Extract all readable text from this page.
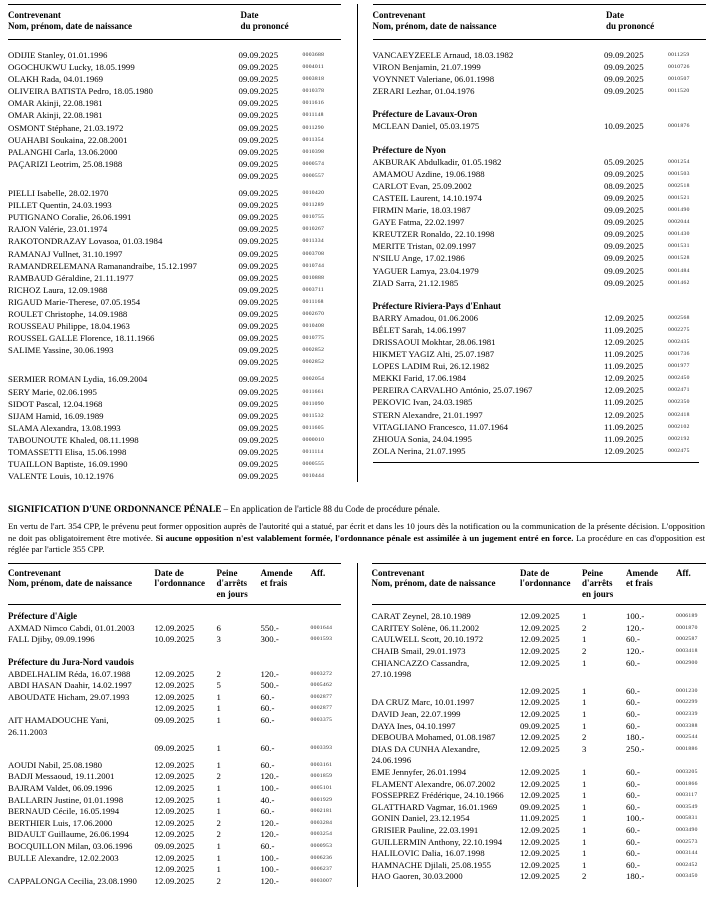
Contrevenant
Nom, prénom, date de naissance
Date
du prononcé
ODIJIE Stanley, 01.01.1996	09.09.2025	0003688
OGOCHUKWU Lucky, 18.05.1999	09.09.2025	0004011
OLAKH Rada, 04.01.1969	09.09.2025	0003818
OLIVEIRA BATISTA Pedro, 18.05.1980	09.09.2025	0010378
OMAR Akinji, 22.08.1981	09.09.2025	0011616
OMAR Akinji, 22.08.1981	09.09.2025	0011148
OSMONT Stéphane, 21.03.1972	09.09.2025	0011290
OUAHABI Soukaina, 22.08.2001	09.09.2025	0011354
PALANGHI Carla, 13.06.2000	09.09.2025	0010398
PAÇARIZI Leotrim, 25.08.1988	09.09.2025	0000574
09.09.2025	0000557
PIELLI Isabelle, 28.02.1970	09.09.2025	0010420
PILLET Quentin, 24.03.1993	09.09.2025	0011289
PUTIGNANO Coralie, 26.06.1991	09.09.2025	0010755
RAJON Valérie, 23.01.1974	09.09.2025	0010267
RAKOTONDRAZAY Lovasoa, 01.03.1984	09.09.2025	0011334
RAMANAJ Vullnet, 31.10.1997	09.09.2025	0003708
RAMANDRELEMANA Ramanandraibe, 15.12.1997	09.09.2025	0010744
RAMBAUD Géraldine, 21.11.1977	09.09.2025	0010888
RICHOZ Laura, 12.09.1988	09.09.2025	0003711
RIGAUD Marie-Therese, 07.05.1954	09.09.2025	0011168
ROULET Christophe, 14.09.1988	09.09.2025	0002670
ROUSSEAU Philippe, 18.04.1963	09.09.2025	0010408
ROUSSEL GALLE Florence, 18.11.1966	09.09.2025	0010775
SALIME Yassine, 30.06.1993	09.09.2025	0002852
09.09.2025	0002852
SERMIER ROMAN Lydia, 16.09.2004	09.09.2025	0002054
SERY Marie, 02.06.1995	09.09.2025	0011661
SIDOT Pascal, 12.04.1968	09.09.2025	0011090
SIJAM Hamid, 16.09.1989	09.09.2025	0011532
SLAMA Alexandra, 13.08.1993	09.09.2025	0011605
TABOUNOUTE Khaled, 08.11.1998	09.09.2025	0000010
TOMASSETTI Elisa, 15.06.1998	09.09.2025	0011114
TUAILLON Baptiste, 16.09.1990	09.09.2025	0000555
VALENTE Louis, 10.12.1976	09.09.2025	0010444
Contrevenant
Nom, prénom, date de naissance
Date
du prononcé
VANCAEYZEELE Arnaud, 18.03.1982	09.09.2025	0011259
VIRON Benjamin, 21.07.1999	09.09.2025	0010726
VOYNNET Valeriane, 06.01.1998	09.09.2025	0010507
ZERARI Lezhar, 01.04.1976	09.09.2025	0011520
Préfecture de Lavaux-Oron
MCLEAN Daniel, 05.03.1975	10.09.2025	0001876
Préfecture de Nyon
AKBURAK Abdulkadir, 01.05.1982	05.09.2025	0001254
AMAMOU Azdine, 19.06.1988	09.09.2025	0001503
CARLOT Evan, 25.09.2002	08.09.2025	0002518
CASTEIL Laurent, 14.10.1974	09.09.2025	0001521
FIRMIN Marie, 18.03.1987	09.09.2025	0001490
GAYE Fatma, 22.02.1997	09.09.2025	0002044
KREUTZER Ronaldo, 22.10.1998	09.09.2025	0001430
MERITE Tristan, 02.09.1997	09.09.2025	0001531
N'SILU Ange, 17.02.1986	09.09.2025	0001528
YAGUER Lamya, 23.04.1979	09.09.2025	0001484
ZIAD Sarra, 21.12.1985	09.09.2025	0001462
Préfecture Riviera-Pays d'Enhaut
BARRY Amadou, 01.06.2006	12.09.2025	0002568
BÉLET Sarah, 14.06.1997	11.09.2025	0002275
DRISSAOUI Mokhtar, 28.06.1981	12.09.2025	0002435
HIKMET YAGIZ Alti, 25.07.1987	11.09.2025	0001736
LOPES LADIM Rui, 26.12.1982	11.09.2025	0001977
MEKKI Farid, 17.06.1984	12.09.2025	0002450
PEREIRA CARVALHO António, 25.07.1967	12.09.2025	0002471
PEKOVIC Ivan, 24.03.1985	11.09.2025	0002350
STERN Alexandre, 21.01.1997	12.09.2025	0002418
VITAGLIANO Francesco, 11.07.1964	11.09.2025	0002102
ZHIOUA Sonia, 24.04.1995	11.09.2025	0002192
ZOLA Nerina, 21.07.1995	12.09.2025	0002475
SIGNIFICATION D'UNE ORDONNANCE PÉNALE – En application de l'article 88 du Code de procédure pénale.
En vertu de l'art. 354 CPP, le prévenu peut former opposition auprès de l'autorité qui a statué, par écrit et dans les 10 jours dès la notification ou la communication de la présente décision. L'opposition ne doit pas obligatoirement être motivée. Si aucune opposition n'est valablement formée, l'ordonnance pénale est assimilée à un jugement entré en force. La procédure en cas d'opposition est réglée par l'article 355 CPP.
Contrevenant
Nom, prénom, date de naissance
Date de
l'ordonnance
Peine
d'arrêts
en jours
Amende
et frais
Aff.
Préfecture d'Aigle
AXMAD Nimco Cabdi, 01.01.2003	12.09.2025	6	550.-	0001644
FALL Djiby, 09.09.1996	10.09.2025	3	300.-	0001593
Préfecture du Jura-Nord vaudois
ABDELHALIM Réda, 16.07.1988	12.09.2025	2	120.-	0003272
ABDI HASAN Daahir, 14.02.1997	12.09.2025	5	500.-	0005462
ABOUDATE Hicham, 29.07.1993	12.09.2025	1	60.-	0002877
12.09.2025	1	60.-	0002877
AIT HAMADOUCHE Yani,
26.11.2003
09.09.2025	1	60.-	0003375
09.09.2025	1	60.-	0003393
AOUDI Nabil, 25.08.1980	12.09.2025	1	60.-	0003161
BADJI Messaoud, 19.11.2001	12.09.2025	2	120.-	0001859
BAJRAM Valdet, 06.09.1996	12.09.2025	1	100.-	0005101
BALLARIN Justine, 01.01.1998	12.09.2025	1	40.-	0001929
BERNAUD Cécile, 16.05.1994	12.09.2025	1	60.-	0002181
BERTHIER Luis, 17.06.2000	12.09.2025	2	120.-	0003284
BIDAULT Guillaume, 26.06.1994	12.09.2025	2	120.-	0003254
BOCQUILLON Milan, 03.06.1996	09.09.2025	1	60.-	0000953
BULLE Alexandre, 12.02.2003	12.09.2025	1	100.-	0006236
12.09.2025	1	100.-	0006237
CAPPALONGA Cecilia, 23.08.1990	12.09.2025	2	120.-	0003007
Contrevenant
Nom, prénom, date de naissance
Date de
l'ordonnance
Peine
d'arrêts
en jours
Amende
et frais
Aff.
CARAT Zeynel, 28.10.1989	12.09.2025	1	100.-	0006189
CARITEY Solène, 06.11.2002	12.09.2025	2	120.-	0001870
CAULWELL Scott, 20.10.1972	12.09.2025	1	60.-	0002587
CHAIB Smail, 29.01.1973	12.09.2025	2	120.-	0003418
CHIANCAZZO Cassandra,
27.10.1998
12.09.2025	1	60.-	0002900
12.09.2025	1	60.-	0001230
DA CRUZ Marc, 10.01.1997	12.09.2025	1	60.-	0002299
DAVID Jean, 22.07.1999	12.09.2025	1	60.-	0002339
DAYA Ines, 04.10.1997	09.09.2025	1	60.-	0003388
DEBOUBA Mohamed, 01.08.1987	12.09.2025	2	180.-	0002544
DIAS DA CUNHA Alexandre,
24.06.1996
12.09.2025	3	250.-	0001886
EME Jennyfer, 26.01.1994	12.09.2025	1	60.-	0003205
FLAMENT Alexandre, 06.07.2002	12.09.2025	1	60.-	0001866
FOSSEPREZ Frédérique, 24.10.1966	12.09.2025	1	60.-	0003117
GLATTHARD Vagmar, 16.01.1969	09.09.2025	1	60.-	0003549
GONIN Daniel, 23.12.1954	11.09.2025	1	100.-	0005831
GRISIER Pauline, 22.03.1991	12.09.2025	1	60.-	0003490
GUILLERMIN Anthony, 22.10.1994	12.09.2025	1	60.-	0002573
HALILOVIC Dalia, 16.07.1998	12.09.2025	1	60.-	0003144
HAMNACHE Djilali, 25.08.1955	12.09.2025	1	60.-	0002452
HAO Gaoren, 30.03.2000	12.09.2025	2	180.-	0003450
